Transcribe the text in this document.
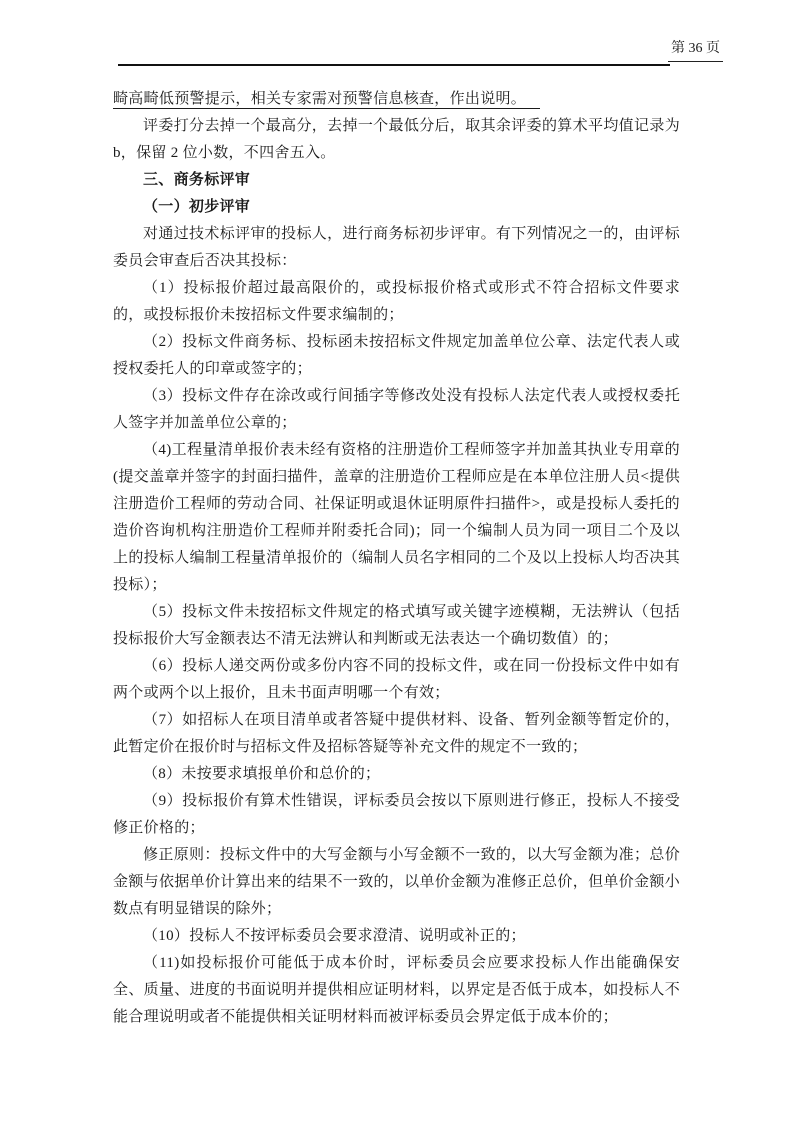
第 36 页

畸高畸低预警提示，相关专家需对预警信息核查，作出说明。

评委打分去掉一个最高分，去掉一个最低分后，取其余评委的算术平均值记录为 b，保留 2 位小数，不四舍五入。

三、商务标评审

（一）初步评审

对通过技术标评审的投标人，进行商务标初步评审。有下列情况之一的，由评标委员会审查后否决其投标：

（1）投标报价超过最高限价的，或投标报价格式或形式不符合招标文件要求的，或投标报价未按招标文件要求编制的；

（2）投标文件商务标、投标函未按招标文件规定加盖单位公章、法定代表人或授权委托人的印章或签字的；

（3）投标文件存在涂改或行间插字等修改处没有投标人法定代表人或授权委托人签字并加盖单位公章的；

（4)工程量清单报价表未经有资格的注册造价工程师签字并加盖其执业专用章的(提交盖章并签字的封面扫描件，盖章的注册造价工程师应是在本单位注册人员<提供注册造价工程师的劳动合同、社保证明或退休证明原件扫描件>，或是投标人委托的造价咨询机构注册造价工程师并附委托合同)；同一个编制人员为同一项目二个及以上的投标人编制工程量清单报价的（编制人员名字相同的二个及以上投标人均否决其投标）；

（5）投标文件未按招标文件规定的格式填写或关键字迹模糊，无法辨认（包括投标报价大写金额表达不清无法辨认和判断或无法表达一个确切数值）的；

（6）投标人递交两份或多份内容不同的投标文件，或在同一份投标文件中如有两个或两个以上报价，且未书面声明哪一个有效；

（7）如招标人在项目清单或者答疑中提供材料、设备、暂列金额等暂定价的，此暂定价在报价时与招标文件及招标答疑等补充文件的规定不一致的；

（8）未按要求填报单价和总价的；

（9）投标报价有算术性错误，评标委员会按以下原则进行修正，投标人不接受修正价格的；

修正原则：投标文件中的大写金额与小写金额不一致的，以大写金额为准；总价金额与依据单价计算出来的结果不一致的，以单价金额为准修正总价，但单价金额小数点有明显错误的除外；

（10）投标人不按评标委员会要求澄清、说明或补正的；

（11)如投标报价可能低于成本价时，评标委员会应要求投标人作出能确保安全、质量、进度的书面说明并提供相应证明材料，以界定是否低于成本，如投标人不能合理说明或者不能提供相关证明材料而被评标委员会界定低于成本价的；
